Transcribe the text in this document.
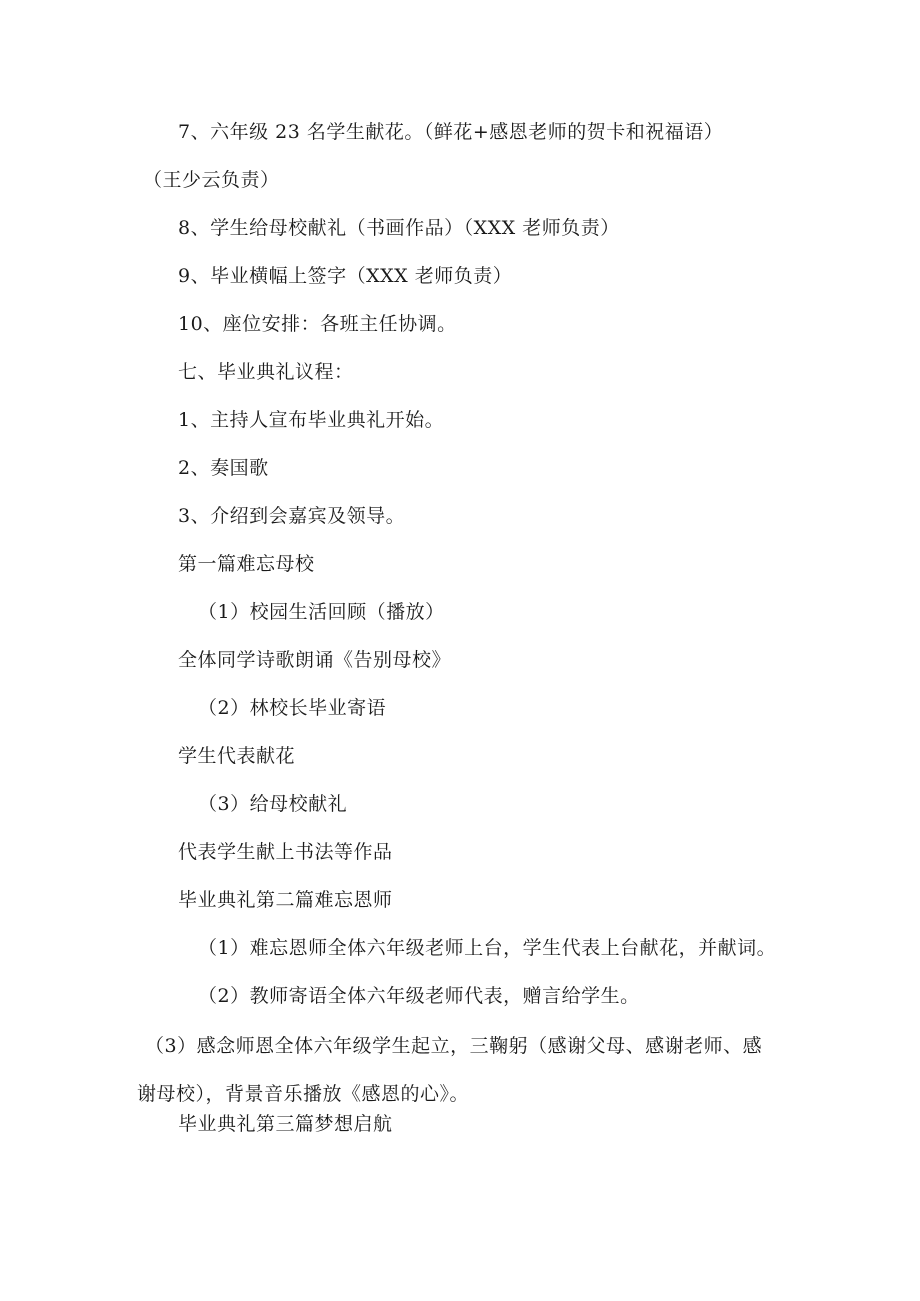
7、六年级 23 名学生献花。（鲜花+感恩老师的贺卡和祝福语）
（王少云负责）
8、学生给母校献礼（书画作品）（XXX 老师负责）
9、毕业横幅上签字（XXX 老师负责）
10、座位安排：各班主任协调。
七、毕业典礼议程：
1、主持人宣布毕业典礼开始。
2、奏国歌
3、介绍到会嘉宾及领导。
第一篇难忘母校
（1）校园生活回顾（播放）
全体同学诗歌朗诵《告别母校》
（2）林校长毕业寄语
学生代表献花
（3）给母校献礼
代表学生献上书法等作品
毕业典礼第二篇难忘恩师
（1）难忘恩师全体六年级老师上台，学生代表上台献花，并献词。
（2）教师寄语全体六年级老师代表，赠言给学生。
（3）感念师恩全体六年级学生起立，三鞠躬（感谢父母、感谢老师、感
谢母校），背景音乐播放《感恩的心》。
毕业典礼第三篇梦想启航
